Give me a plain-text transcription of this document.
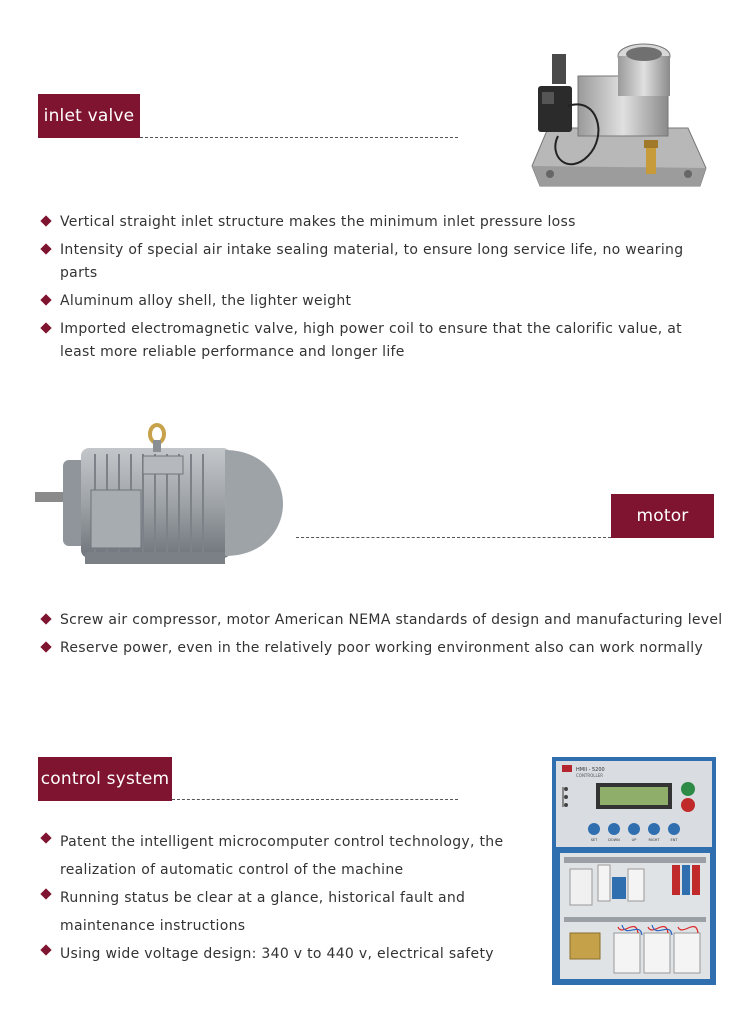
inlet valve
Vertical straight inlet structure makes the minimum inlet pressure loss
Intensity of special air intake sealing material, to ensure long service life, no wearing parts
Aluminum alloy shell, the lighter weight
Imported electromagnetic valve, high power coil to ensure that the calorific value, at least more reliable performance and longer life
motor
Screw air compressor, motor American NEMA standards of design and manufacturing level
Reserve power, even in the relatively poor working environment also can work normally
control system
Patent the intelligent microcomputer control technology, the realization of automatic control of the machine
Running status be clear at a glance, historical fault and maintenance instructions
Using wide voltage design: 340 v to 440 v, electrical safety
HMII - 5200
CONTROLLER
SET	DOWN	UP	RIGHT	ENT
